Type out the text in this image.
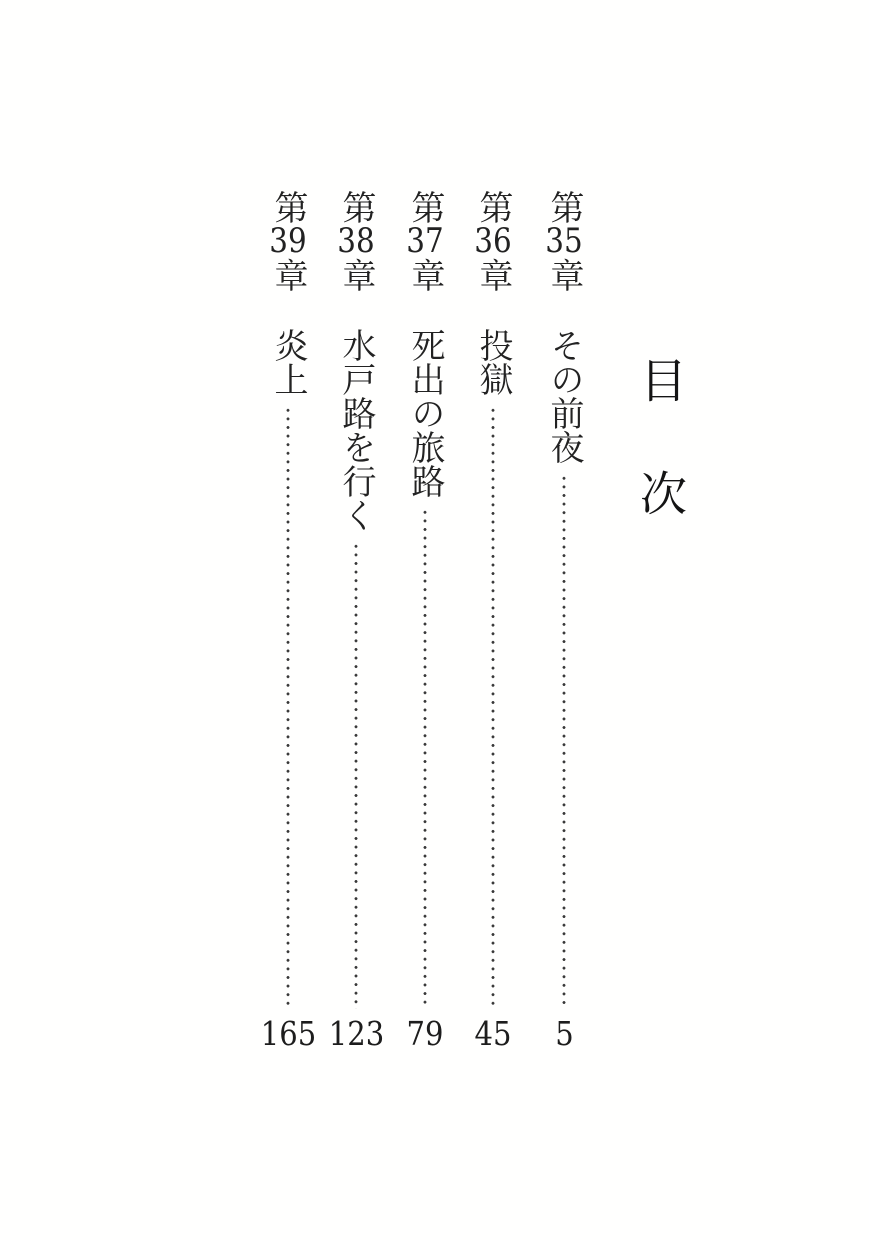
目次
第35章
その前夜
5
第36章
投獄
45
第37章
死出の旅路
79
第38章
水戸路を行く
123
第39章
炎上
165
